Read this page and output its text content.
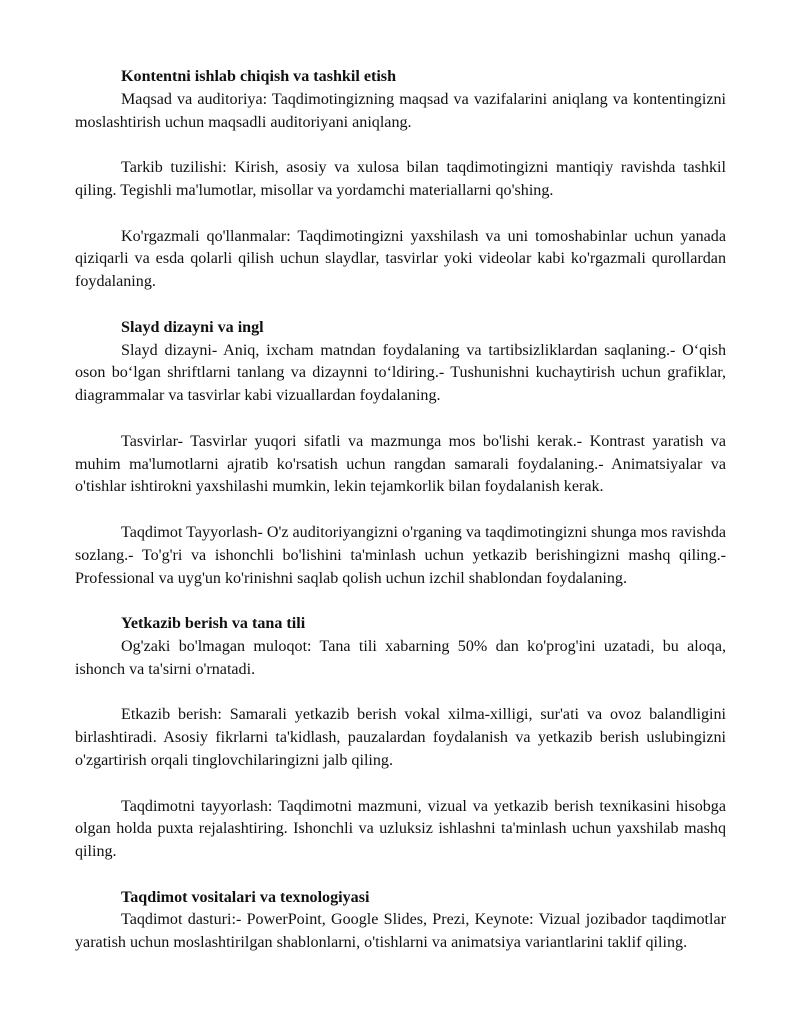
Kontentni ishlab chiqish va tashkil etish

Maqsad va auditoriya: Taqdimotingizning maqsad va vazifalarini aniqlang va kontentingizni moslashtirish uchun maqsadli auditoriyani aniqlang.

Tarkib tuzilishi: Kirish, asosiy va xulosa bilan taqdimotingizni mantiqiy ravishda tashkil qiling. Tegishli ma'lumotlar, misollar va yordamchi materiallarni qo'shing.

Ko'rgazmali qo'llanmalar: Taqdimotingizni yaxshilash va uni tomoshabinlar uchun yanada qiziqarli va esda qolarli qilish uchun slaydlar, tasvirlar yoki videolar kabi ko'rgazmali qurollardan foydalaning.

Slayd dizayni va ingl

Slayd dizayni- Aniq, ixcham matndan foydalaning va tartibsizliklardan saqlaning.- O‘qish oson bo‘lgan shriftlarni tanlang va dizaynni to‘ldiring.- Tushunishni kuchaytirish uchun grafiklar, diagrammalar va tasvirlar kabi vizuallardan foydalaning.

Tasvirlar- Tasvirlar yuqori sifatli va mazmunga mos bo'lishi kerak.- Kontrast yaratish va muhim ma'lumotlarni ajratib ko'rsatish uchun rangdan samarali foydalaning.- Animatsiyalar va o'tishlar ishtirokni yaxshilashi mumkin, lekin tejamkorlik bilan foydalanish kerak.

Taqdimot Tayyorlash- O'z auditoriyangizni o'rganing va taqdimotingizni shunga mos ravishda sozlang.- To'g'ri va ishonchli bo'lishini ta'minlash uchun yetkazib berishingizni mashq qiling.- Professional va uyg'un ko'rinishni saqlab qolish uchun izchil shablondan foydalaning.

Yetkazib berish va tana tili

Og'zaki bo'lmagan muloqot: Tana tili xabarning 50% dan ko'prog'ini uzatadi, bu aloqa, ishonch va ta'sirni o'rnatadi.

Etkazib berish: Samarali yetkazib berish vokal xilma-xilligi, sur'ati va ovoz balandligini birlashtiradi. Asosiy fikrlarni ta'kidlash, pauzalardan foydalanish va yetkazib berish uslubingizni o'zgartirish orqali tinglovchilaringizni jalb qiling.

Taqdimotni tayyorlash: Taqdimotni mazmuni, vizual va yetkazib berish texnikasini hisobga olgan holda puxta rejalashtiring. Ishonchli va uzluksiz ishlashni ta'minlash uchun yaxshilab mashq qiling.

Taqdimot vositalari va texnologiyasi

Taqdimot dasturi:- PowerPoint, Google Slides, Prezi, Keynote: Vizual jozibador taqdimotlar yaratish uchun moslashtirilgan shablonlarni, o'tishlarni va animatsiya variantlarini taklif qiling.
